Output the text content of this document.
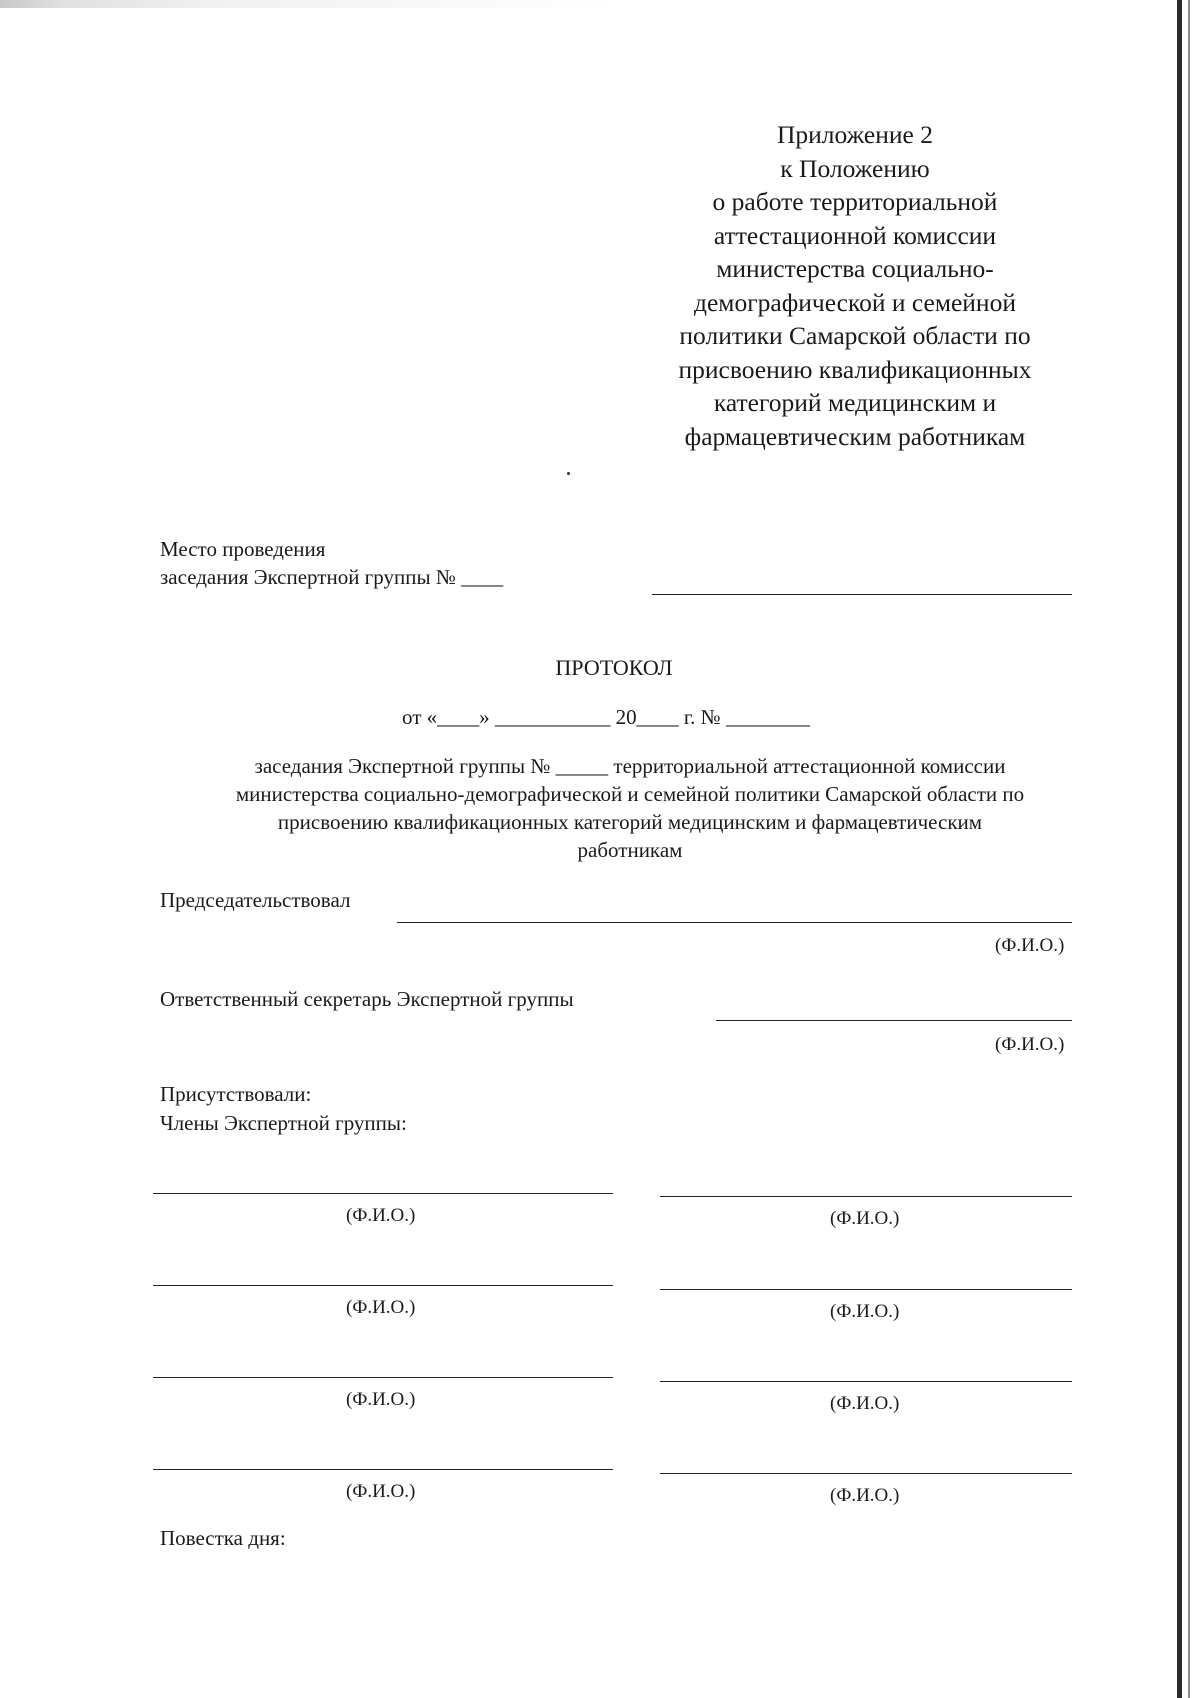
Приложение 2
к Положению
о работе территориальной
аттестационной комиссии
министерства социально-
демографической и семейной
политики Самарской области по
присвоению квалификационных
категорий медицинским и
фармацевтическим работникам
Место проведения
заседания Экспертной группы № ____
ПРОТОКОЛ
от «____» ___________ 20____ г. № ________
заседания Экспертной группы № _____ территориальной аттестационной комиссии
министерства социально-демографической и семейной политики Самарской области по
присвоению квалификационных категорий медицинским и фармацевтическим
работникам
Председательствовал
(Ф.И.О.)
Ответственный секретарь Экспертной группы
(Ф.И.О.)
Присутствовали:
Члены Экспертной группы:
(Ф.И.О.)	(Ф.И.О.)
(Ф.И.О.)	(Ф.И.О.)
(Ф.И.О.)	(Ф.И.О.)
(Ф.И.О.)	(Ф.И.О.)
Повестка дня:
